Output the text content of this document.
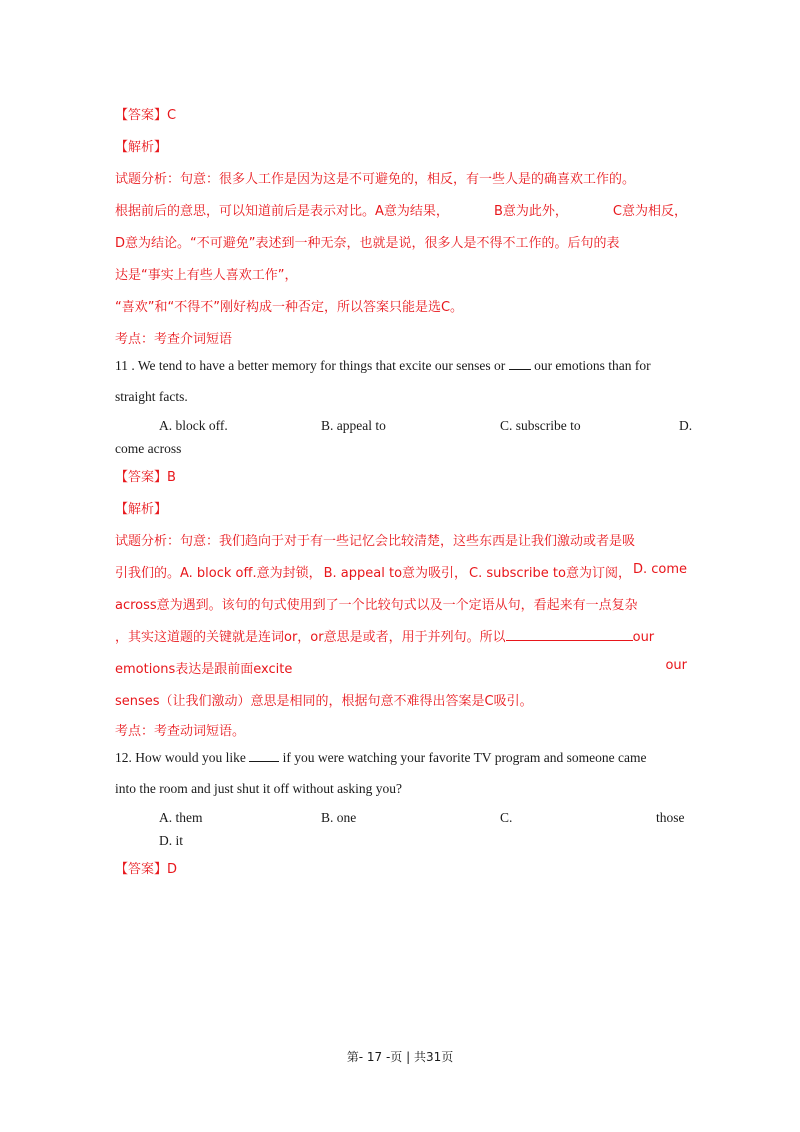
【答案】C
【解析】
试题分析：句意：很多人工作是因为这是不可避免的，相反，有一些人是的确喜欢工作的。
根据前后的意思，可以知道前后是表示对比。A意为结果，	B意为此外，	C意为相反，
D意为结论。“不可避免”表述到一种无奈，也就是说，很多人是不得不工作的。后句的表
达是“事实上有些人喜欢工作”，
“喜欢”和“不得不”刚好构成一种否定，所以答案只能是选C。
考点：考查介词短语
11 . We tend to have a better memory for things that excite our senses or our emotions than for
straight facts.
A. block off.	B. appeal to	C. subscribe to	D.
come across
【答案】B
【解析】
试题分析：句意：我们趋向于对于有一些记忆会比较清楚，这些东西是让我们激动或者是吸
引我们的。A. block off.意为封锁， B. appeal to意为吸引， C. subscribe to意为订阅， D. come
across意为遇到。该句的句式使用到了一个比较句式以及一个定语从句，看起来有一点复杂
，其实这道题的关键就是连词or，or意思是或者，用于并列句。所以	our
emotions表达是跟前面excite	our
senses（让我们激动）意思是相同的，根据句意不难得出答案是C吸引。
考点：考查动词短语。
12. How would you like	if you were watching your favorite TV program and someone came
into the room and just shut it off without asking you?
A. them	B. one	C.	those
D. it
【答案】D
第- 17 -页 | 共31页
